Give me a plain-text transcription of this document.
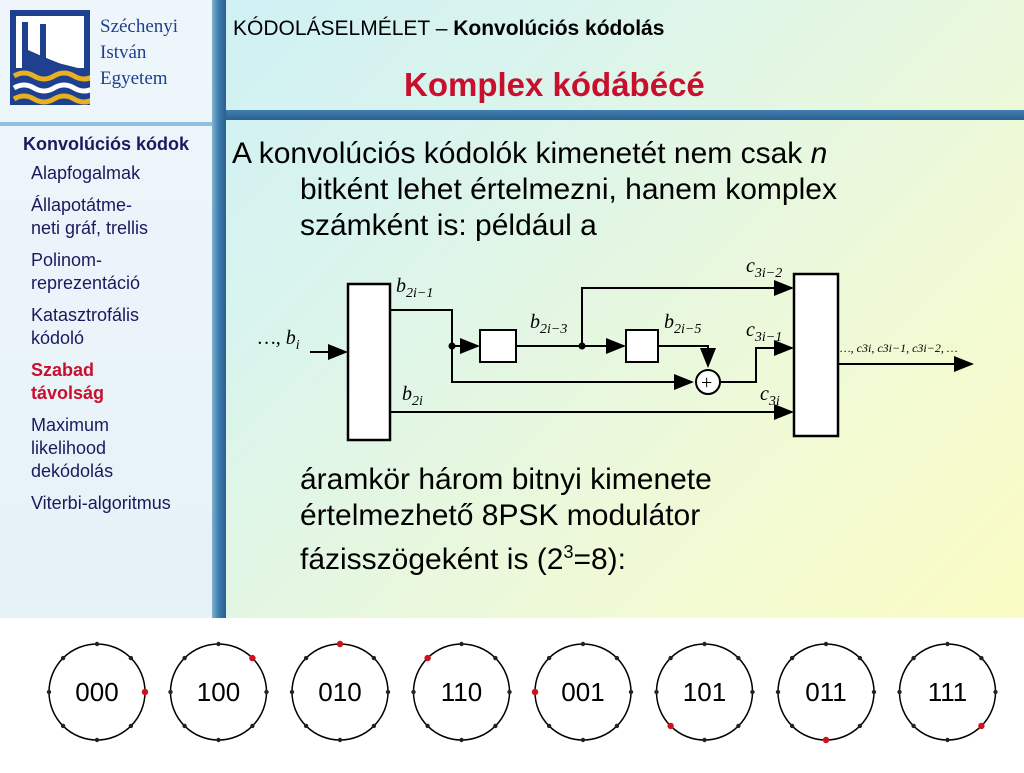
Széchenyi
István
Egyetem
Konvolúciós kódok
Alapfogalmak
Állapotátme-
neti gráf, trellis
Polinom-
reprezentáció
Katasztrofális
kódoló
Szabad
távolság
Maximum
likelihood
dekódolás
Viterbi-algoritmus
KÓDOLÁSELMÉLET – Konvolúciós kódolás
Komplex kódábécé
A konvolúciós kódolók kimenetét nem csak n
bitként lehet értelmezni, hanem komplex
számként is: például a
…, $b_i$
$b_{2i-1}$
$b_{2i-3}$	$b_{2i-5}$
+
$b_{2i}$
$c_{3i-2}$
$c_{3i-1}$
$c_{3i}$
…, c3i, c3i−1, c3i−2, …
áramkör három bitnyi kimenete
értelmezhető 8PSK modulátor
fázisszögeként is $(2^3=8)$:
000	100	010	110	001	101	011	111
